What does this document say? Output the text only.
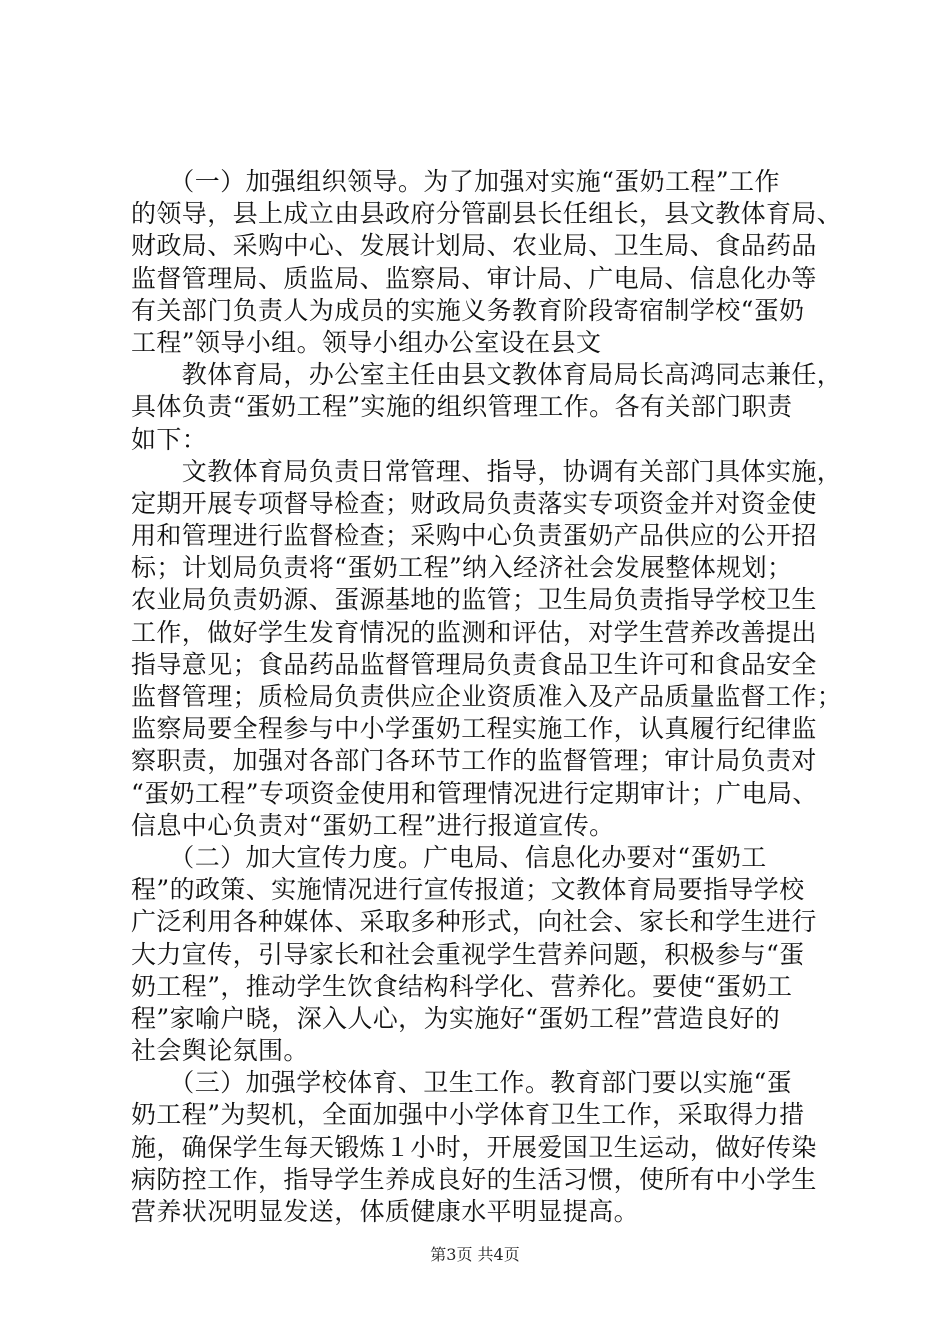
　　（一）加强组织领导。为了加强对实施“蛋奶工程”工作
的领导，县上成立由县政府分管副县长任组长，县文教体育局、
财政局、采购中心、发展计划局、农业局、卫生局、食品药品
监督管理局、质监局、监察局、审计局、广电局、信息化办等
有关部门负责人为成员的实施义务教育阶段寄宿制学校“蛋奶
工程”领导小组。领导小组办公室设在县文
　　教体育局，办公室主任由县文教体育局局长高鸿同志兼任，
具体负责“蛋奶工程”实施的组织管理工作。各有关部门职责
如下：
　　文教体育局负责日常管理、指导，协调有关部门具体实施，
定期开展专项督导检查；财政局负责落实专项资金并对资金使
用和管理进行监督检查；采购中心负责蛋奶产品供应的公开招
标；计划局负责将“蛋奶工程”纳入经济社会发展整体规划；
农业局负责奶源、蛋源基地的监管；卫生局负责指导学校卫生
工作，做好学生发育情况的监测和评估，对学生营养改善提出
指导意见；食品药品监督管理局负责食品卫生许可和食品安全
监督管理；质检局负责供应企业资质准入及产品质量监督工作；
监察局要全程参与中小学蛋奶工程实施工作，认真履行纪律监
察职责，加强对各部门各环节工作的监督管理；审计局负责对
“蛋奶工程”专项资金使用和管理情况进行定期审计；广电局、
信息中心负责对“蛋奶工程”进行报道宣传。
　　（二）加大宣传力度。广电局、信息化办要对“蛋奶工
程”的政策、实施情况进行宣传报道；文教体育局要指导学校
广泛利用各种媒体、采取多种形式，向社会、家长和学生进行
大力宣传，引导家长和社会重视学生营养问题，积极参与“蛋
奶工程”，推动学生饮食结构科学化、营养化。要使“蛋奶工
程”家喻户晓，深入人心，为实施好“蛋奶工程”营造良好的
社会舆论氛围。
　　（三）加强学校体育、卫生工作。教育部门要以实施“蛋
奶工程”为契机，全面加强中小学体育卫生工作，采取得力措
施，确保学生每天锻炼１小时，开展爱国卫生运动，做好传染
病防控工作，指导学生养成良好的生活习惯，使所有中小学生
营养状况明显发送，体质健康水平明显提高。
第3页 共4页
